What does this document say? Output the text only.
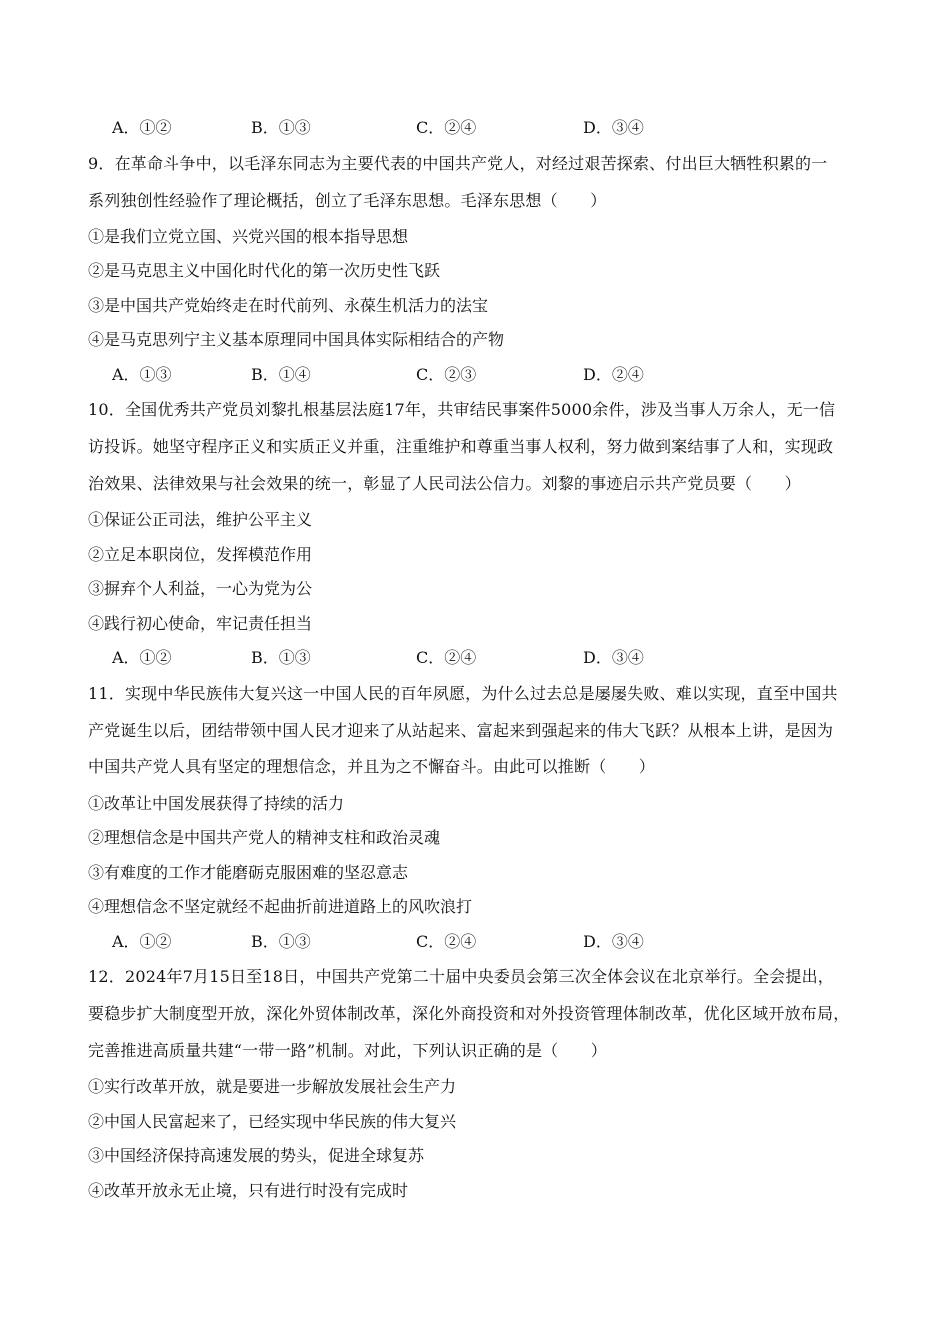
A．①②	B．①③	C．②④	D．③④
9．在革命斗争中，以毛泽东同志为主要代表的中国共产党人，对经过艰苦探索、付出巨大牺牲积累的一
系列独创性经验作了理论概括，创立了毛泽东思想。毛泽东思想（　　）
①是我们立党立国、兴党兴国的根本指导思想
②是马克思主义中国化时代化的第一次历史性飞跃
③是中国共产党始终走在时代前列、永葆生机活力的法宝
④是马克思列宁主义基本原理同中国具体实际相结合的产物
A．①③	B．①④	C．②③	D．②④
10．全国优秀共产党员刘黎扎根基层法庭17年，共审结民事案件5000余件，涉及当事人万余人，无一信
访投诉。她坚守程序正义和实质正义并重，注重维护和尊重当事人权利，努力做到案结事了人和，实现政
治效果、法律效果与社会效果的统一，彰显了人民司法公信力。刘黎的事迹启示共产党员要（　　）
①保证公正司法，维护公平主义
②立足本职岗位，发挥模范作用
③摒弃个人利益，一心为党为公
④践行初心使命，牢记责任担当
A．①②	B．①③	C．②④	D．③④
11．实现中华民族伟大复兴这一中国人民的百年夙愿，为什么过去总是屡屡失败、难以实现，直至中国共
产党诞生以后，团结带领中国人民才迎来了从站起来、富起来到强起来的伟大飞跃？从根本上讲，是因为
中国共产党人具有坚定的理想信念，并且为之不懈奋斗。由此可以推断（　　）
①改革让中国发展获得了持续的活力
②理想信念是中国共产党人的精神支柱和政治灵魂
③有难度的工作才能磨砺克服困难的坚忍意志
④理想信念不坚定就经不起曲折前进道路上的风吹浪打
A．①②	B．①③	C．②④	D．③④
12．2024年7月15日至18日，中国共产党第二十届中央委员会第三次全体会议在北京举行。全会提出，
要稳步扩大制度型开放，深化外贸体制改革，深化外商投资和对外投资管理体制改革，优化区域开放布局，
完善推进高质量共建“一带一路”机制。对此，下列认识正确的是（　　）
①实行改革开放，就是要进一步解放发展社会生产力
②中国人民富起来了，已经实现中华民族的伟大复兴
③中国经济保持高速发展的势头，促进全球复苏
④改革开放永无止境，只有进行时没有完成时
